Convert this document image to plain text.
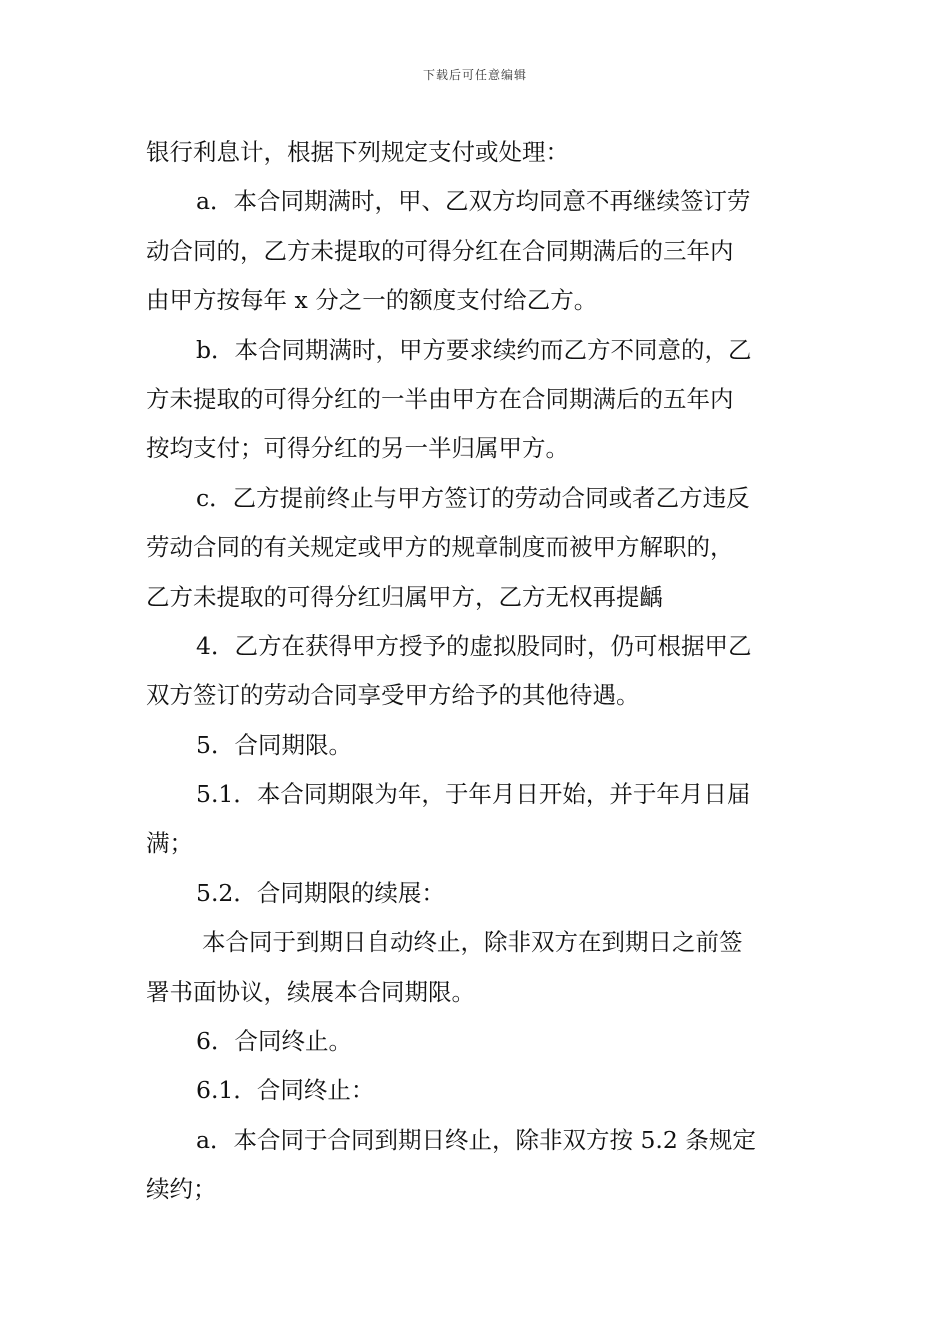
下载后可任意编辑
银行利息计，根据下列规定支付或处理：
a．本合同期满时，甲、乙双方均同意不再继续签订劳
动合同的，乙方未提取的可得分红在合同期满后的三年内
由甲方按每年 x 分之一的额度支付给乙方。
b．本合同期满时，甲方要求续约而乙方不同意的，乙
方未提取的可得分红的一半由甲方在合同期满后的五年内
按均支付；可得分红的另一半归属甲方。
c．乙方提前终止与甲方签订的劳动合同或者乙方违反
劳动合同的有关规定或甲方的规章制度而被甲方解职的，
乙方未提取的可得分红归属甲方，乙方无权再提齲
4．乙方在获得甲方授予的虚拟股同时，仍可根据甲乙
双方签订的劳动合同享受甲方给予的其他待遇。
5．合同期限。
5.1．本合同期限为年，于年月日开始，并于年月日届
满；
5.2．合同期限的续展：
本合同于到期日自动终止，除非双方在到期日之前签
署书面协议，续展本合同期限。
6．合同终止。
6.1．合同终止：
a．本合同于合同到期日终止，除非双方按 5.2 条规定
续约；
